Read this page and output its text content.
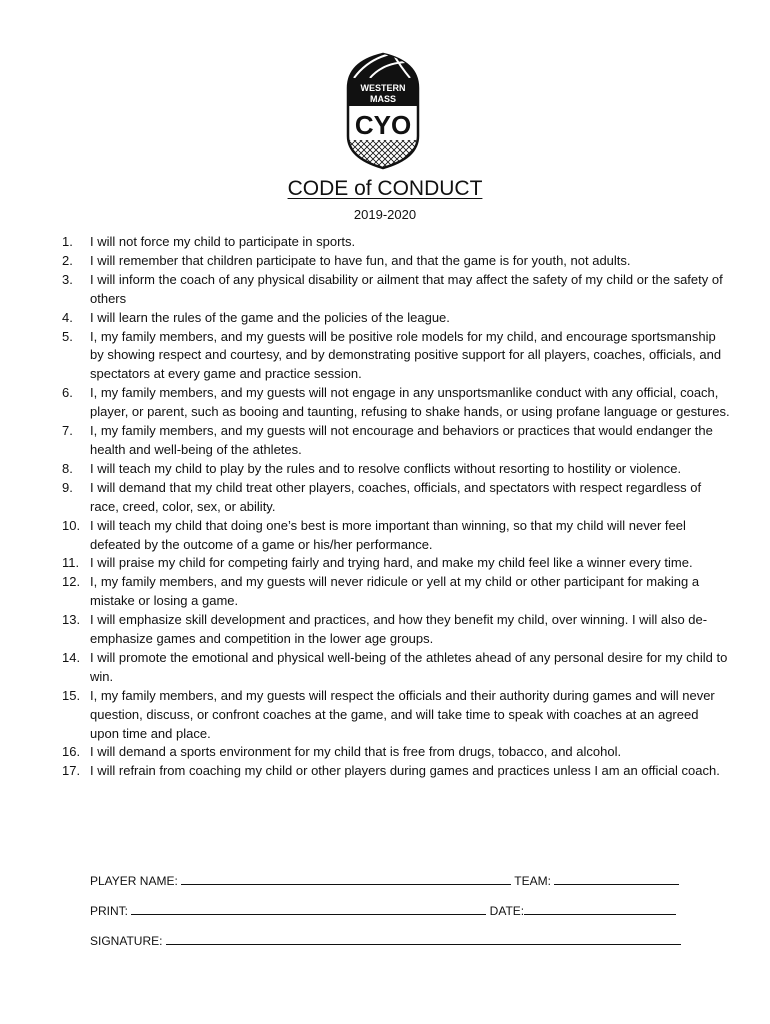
WESTERN
MASS
CYO
CODE of CONDUCT
2019-2020
1.	I will not force my child to participate in sports.
2.	I will remember that children participate to have fun, and that the game is for youth, not adults.
3.	I will inform the coach of any physical disability or ailment that may affect the safety of my child or the safety of others
4.	I will learn the rules of the game and the policies of the league.
5.	I, my family members, and my guests will be positive role models for my child, and encourage sportsmanship by showing respect and courtesy, and by demonstrating positive support for all players, coaches, officials, and spectators at every game and practice session.
6.	I, my family members, and my guests will not engage in any unsportsmanlike conduct with any official, coach, player, or parent, such as booing and taunting, refusing to shake hands, or using profane language or gestures.
7.	I, my family members, and my guests will not encourage and behaviors or practices that would endanger the health and well-being of the athletes.
8.	I will teach my child to play by the rules and to resolve conflicts without resorting to hostility or violence.
9.	I will demand that my child treat other players, coaches, officials, and spectators with respect regardless of race, creed, color, sex, or ability.
10. I will teach my child that doing one’s best is more important than winning, so that my child will never feel defeated by the outcome of a game or his/her performance.
11. I will praise my child for competing fairly and trying hard, and make my child feel like a winner every time.
12. I, my family members, and my guests will never ridicule or yell at my child or other participant for making a mistake or losing a game.
13. I will emphasize skill development and practices, and how they benefit my child, over winning. I will also de-emphasize games and competition in the lower age groups.
14. I will promote the emotional and physical well-being of the athletes ahead of any personal desire for my child to win.
15. I, my family members, and my guests will respect the officials and their authority during games and will never question, discuss, or confront coaches at the game, and will take time to speak with coaches at an agreed upon time and place.
16. I will demand a sports environment for my child that is free from drugs, tobacco, and alcohol.
17. I will refrain from coaching my child or other players during games and practices unless I am an official coach.
PLAYER NAME:	TEAM:
PRINT:	DATE:
SIGNATURE:
